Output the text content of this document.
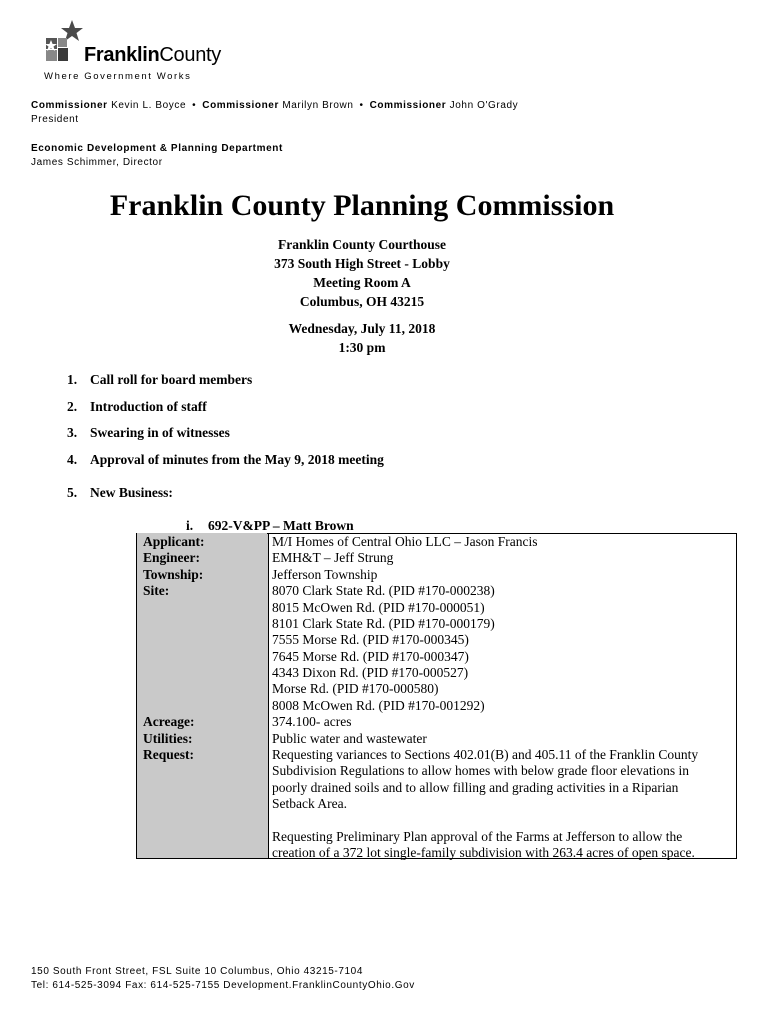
FranklinCounty
Where Government Works
Commissioner Kevin L. Boyce • Commissioner Marilyn Brown • Commissioner John O'Grady
President
Economic Development & Planning Department
James Schimmer, Director
Franklin County Planning Commission
Franklin County Courthouse
373 South High Street - Lobby
Meeting Room A
Columbus, OH 43215
Wednesday, July 11, 2018
1:30 pm
1. Call roll for board members
2. Introduction of staff
3. Swearing in of witnesses
4. Approval of minutes from the May 9, 2018 meeting
5. New Business:
i. 692-V&PP – Matt Brown
Applicant:	M/I Homes of Central Ohio LLC – Jason Francis
Engineer:	EMH&T – Jeff Strung
Township:	Jefferson Township
Site:	8070 Clark State Rd. (PID #170-000238)
8015 McOwen Rd. (PID #170-000051)
8101 Clark State Rd. (PID #170-000179)
7555 Morse Rd. (PID #170-000345)
7645 Morse Rd. (PID #170-000347)
4343 Dixon Rd. (PID #170-000527)
Morse Rd. (PID #170-000580)
8008 McOwen Rd. (PID #170-001292)
Acreage:	374.100- acres
Utilities:	Public water and wastewater
Request:	Requesting variances to Sections 402.01(B) and 405.11 of the Franklin County
Subdivision Regulations to allow homes with below grade floor elevations in
poorly drained soils and to allow filling and grading activities in a Riparian
Setback Area.
Requesting Preliminary Plan approval of the Farms at Jefferson to allow the
creation of a 372 lot single-family subdivision with 263.4 acres of open space.
150 South Front Street, FSL Suite 10 Columbus, Ohio 43215-7104
Tel: 614-525-3094 Fax: 614-525-7155 Development.FranklinCountyOhio.Gov
